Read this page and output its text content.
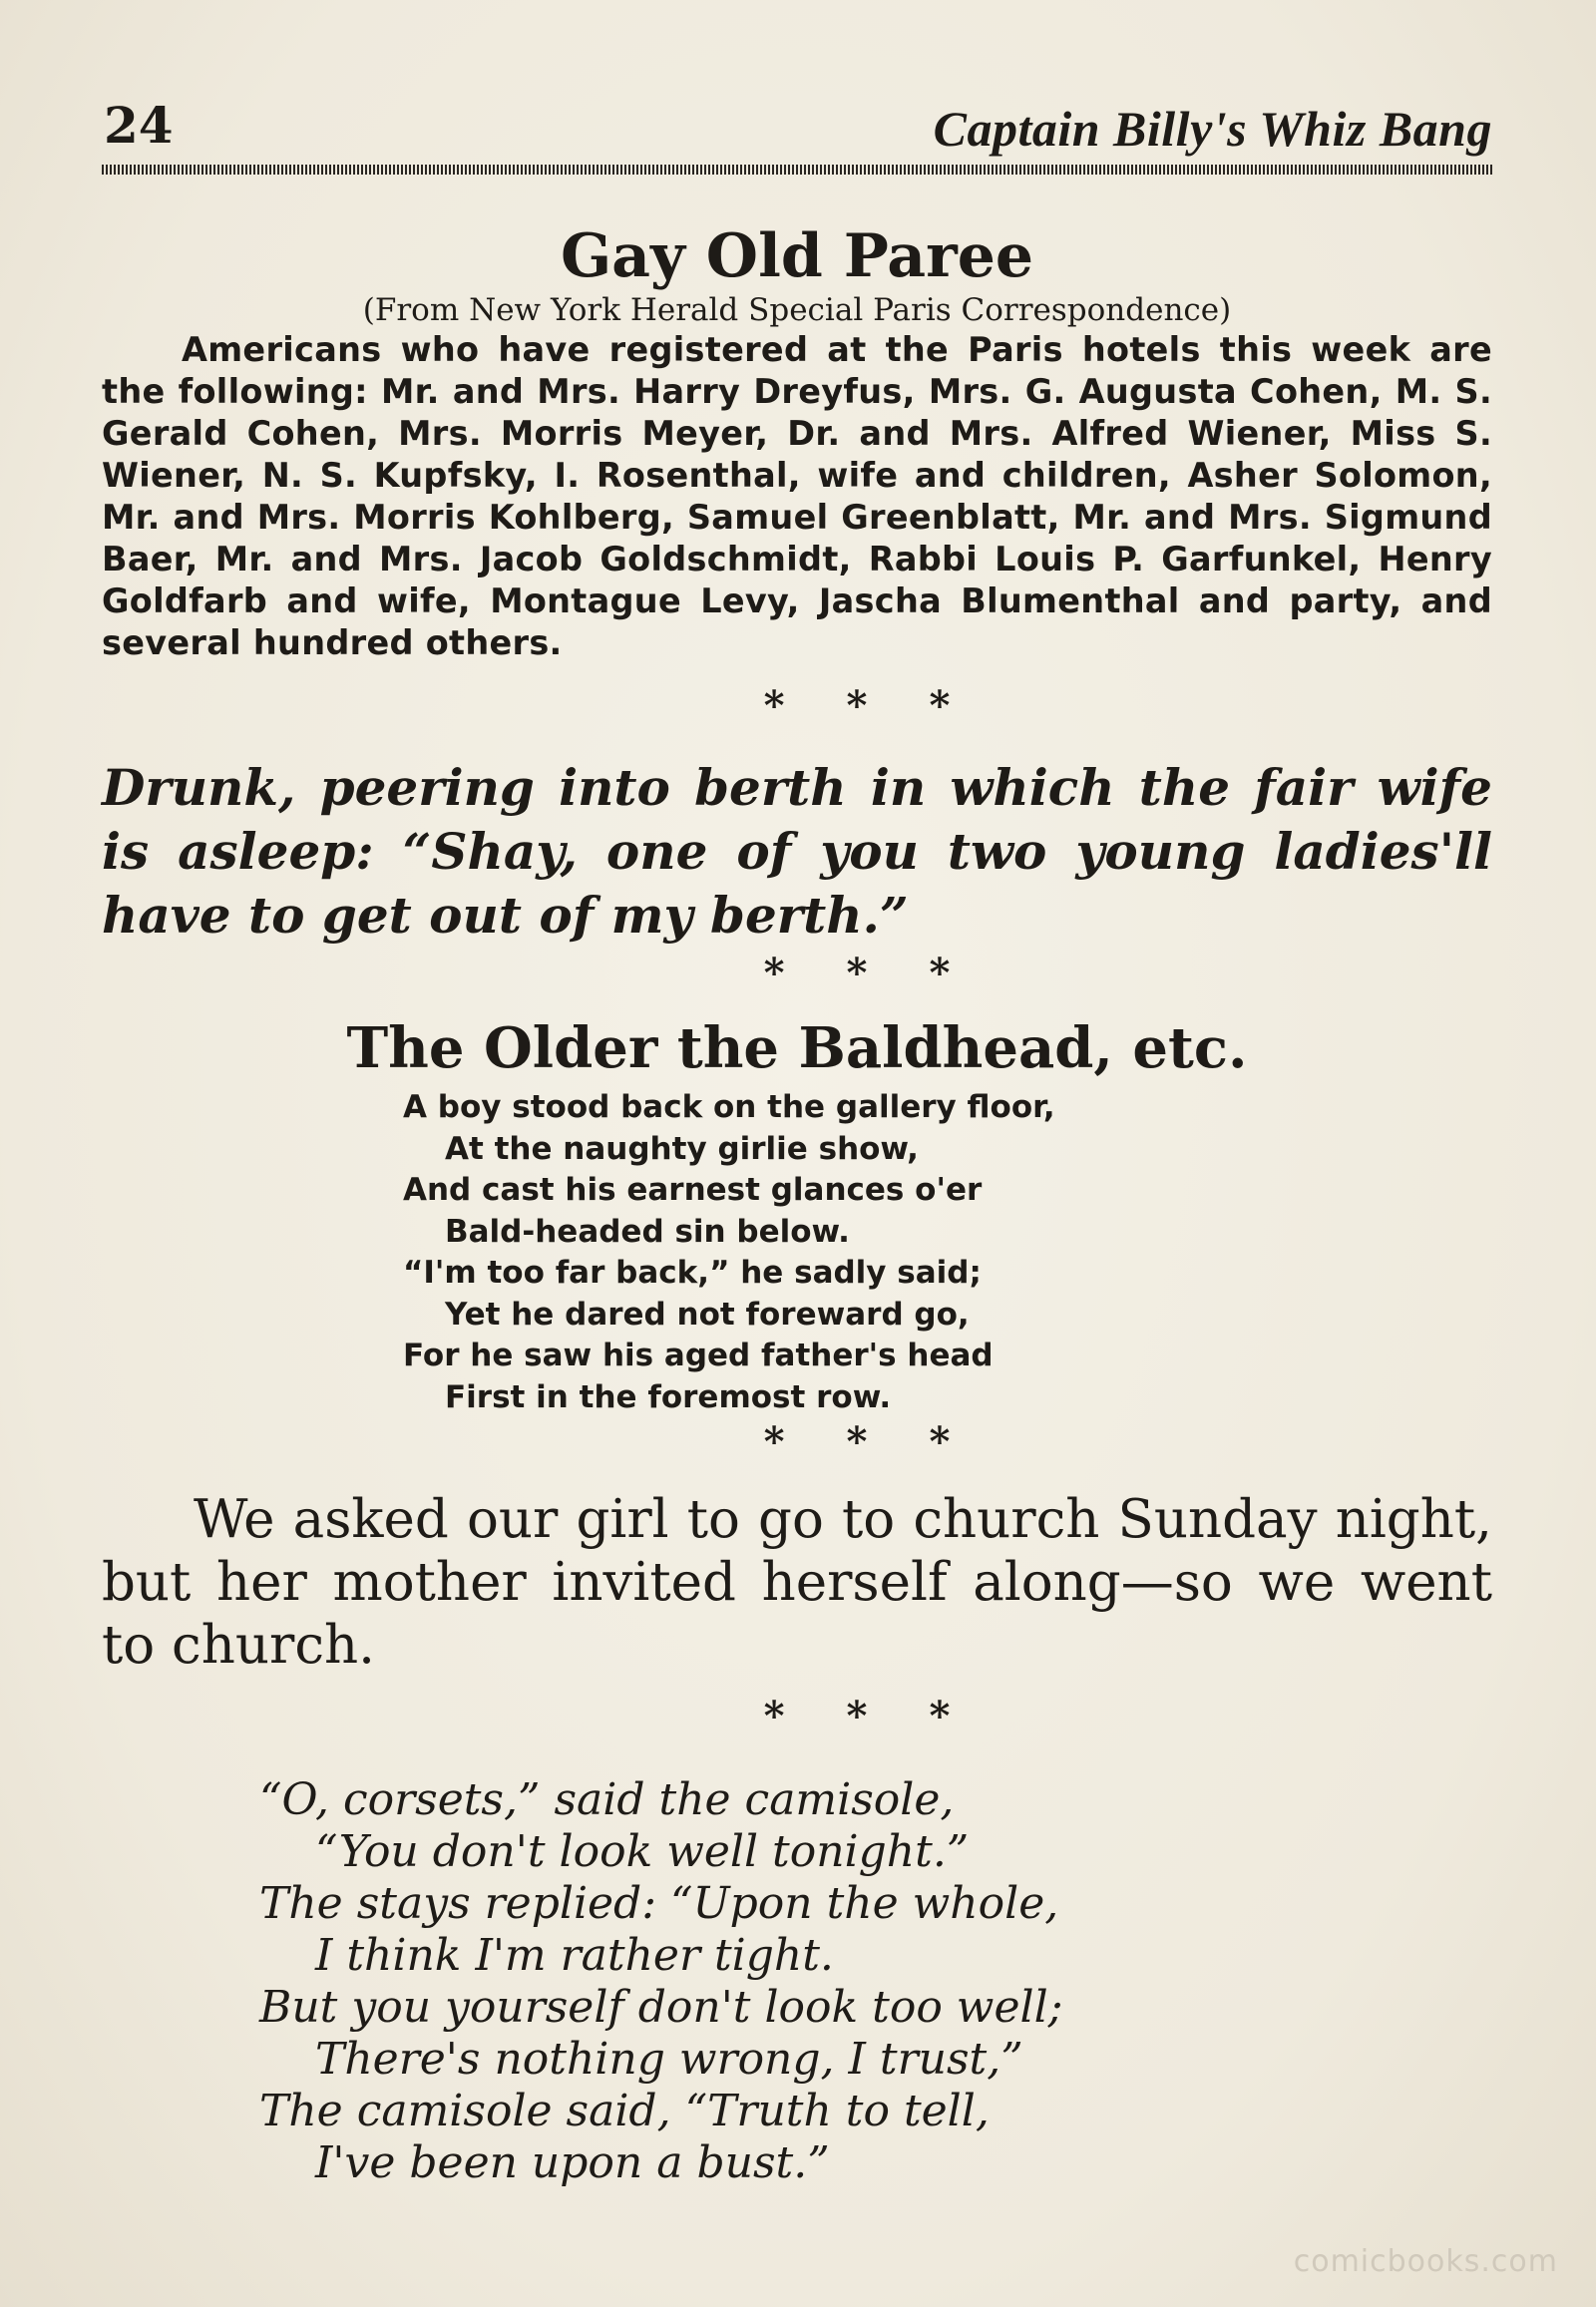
24	Captain Billy's Whiz Bang
Gay Old Paree

(From New York Herald Special Paris Correspondence)

Americans who have registered at the Paris hotels this week are the following: Mr. and Mrs. Harry Dreyfus, Mrs. G. Augusta Cohen, M. S. Gerald Cohen, Mrs. Morris Meyer, Dr. and Mrs. Alfred Wiener, Miss S. Wiener, N. S. Kupfsky, I. Rosenthal, wife and children, Asher Solomon, Mr. and Mrs. Morris Kohlberg, Samuel Greenblatt, Mr. and Mrs. Sigmund Baer, Mr. and Mrs. Jacob Goldschmidt, Rabbi Louis P. Garfunkel, Henry Goldfarb and wife, Montague Levy, Jascha Blumenthal and party, and several hundred others.

* * *

Drunk, peering into berth in which the fair wife is asleep: “Shay, one of you two young ladies'll have to get out of my berth.”

* * *
The Older the Baldhead, etc.
A boy stood back on the gallery floor,
At the naughty girlie show,
And cast his earnest glances o'er
Bald-headed sin below.
“I'm too far back,” he sadly said;
Yet he dared not foreward go,
For he saw his aged father's head
First in the foremost row.
* * *

We asked our girl to go to church Sunday night, but her mother invited herself along—so we went to church.

* * *
“O, corsets,” said the camisole,
“You don't look well tonight.”
The stays replied: “Upon the whole,
I think I'm rather tight.
But you yourself don't look too well;
There's nothing wrong, I trust,”
The camisole said, “Truth to tell,
I've been upon a bust.”
comicbooks.com
